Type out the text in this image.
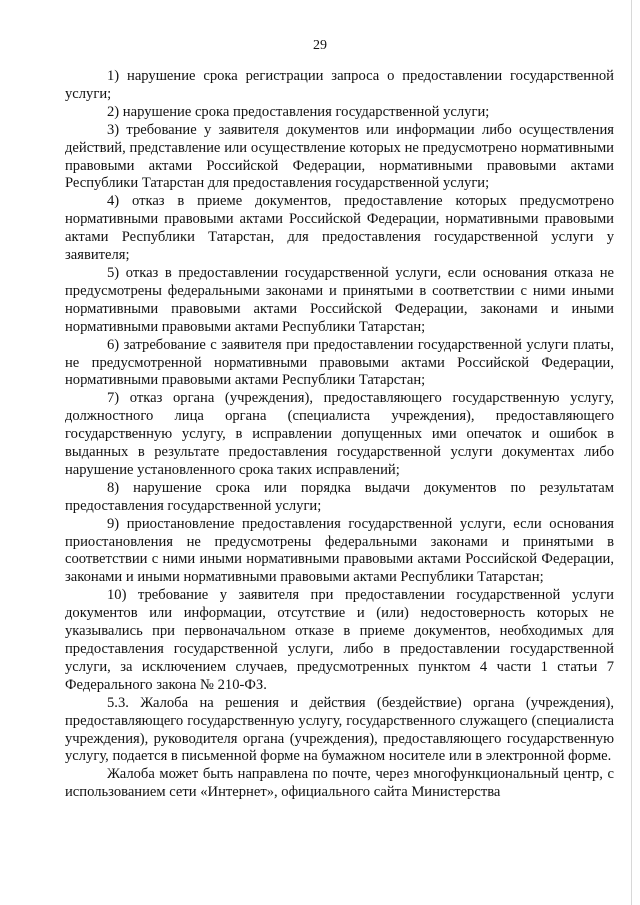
29

1) нарушение срока регистрации запроса о предоставлении государственной услуги;

2) нарушение срока предоставления государственной услуги;

3) требование у заявителя документов или информации либо осуществления действий, представление или осуществление которых не предусмотрено нормативными правовыми актами Российской Федерации, нормативными правовыми актами Республики Татарстан для предоставления государственной услуги;

4) отказ в приеме документов, предоставление которых предусмотрено нормативными правовыми актами Российской Федерации, нормативными правовыми актами Республики Татарстан, для предоставления государственной услуги у заявителя;

5) отказ в предоставлении государственной услуги, если основания отказа не предусмотрены федеральными законами и принятыми в соответствии с ними иными нормативными правовыми актами Российской Федерации, законами и иными нормативными правовыми актами Республики Татарстан;

6) затребование с заявителя при предоставлении государственной услуги платы, не предусмотренной нормативными правовыми актами Российской Федерации, нормативными правовыми актами Республики Татарстан;

7) отказ органа (учреждения), предоставляющего государственную услугу, должностного лица органа (специалиста учреждения), предоставляющего государственную услугу, в исправлении допущенных ими опечаток и ошибок в выданных в результате предоставления государственной услуги документах либо нарушение установленного срока таких исправлений;

8) нарушение срока или порядка выдачи документов по результатам предоставления государственной услуги;

9) приостановление предоставления государственной услуги, если основания приостановления не предусмотрены федеральными законами и принятыми в соответствии с ними иными нормативными правовыми актами Российской Федерации, законами и иными нормативными правовыми актами Республики Татарстан;

10) требование у заявителя при предоставлении государственной услуги документов или информации, отсутствие и (или) недостоверность которых не указывались при первоначальном отказе в приеме документов, необходимых для предоставления государственной услуги, либо в предоставлении государственной услуги, за исключением случаев, предусмотренных пунктом 4 части 1 статьи 7 Федерального закона № 210-ФЗ.

5.3. Жалоба на решения и действия (бездействие) органа (учреждения), предоставляющего государственную услугу, государственного служащего (специалиста учреждения), руководителя органа (учреждения), предоставляющего государственную услугу, подается в письменной форме на бумажном носителе или в электронной форме.

Жалоба может быть направлена по почте, через многофункциональный центр, с использованием сети «Интернет», официального сайта Министерства
